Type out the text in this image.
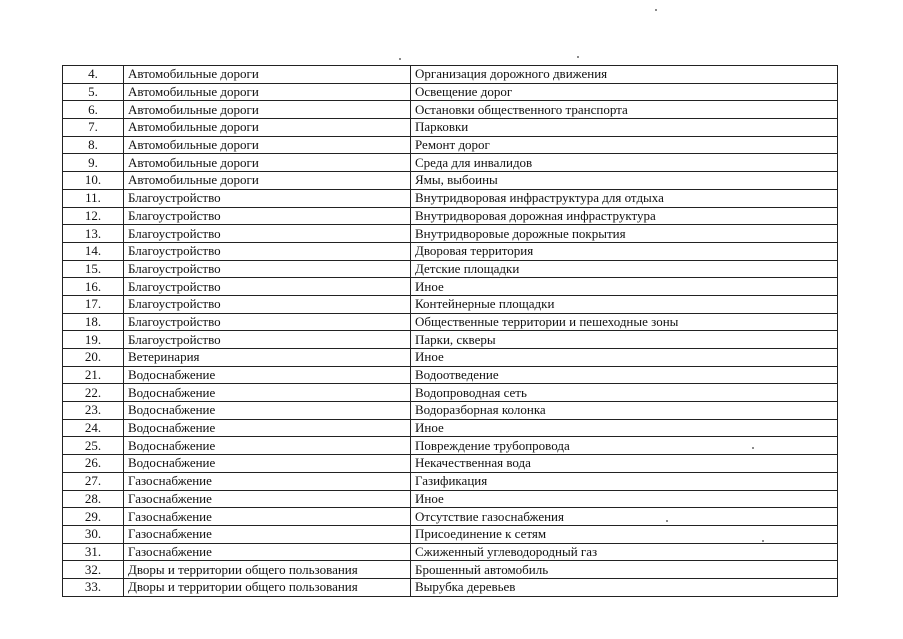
4.	Автомобильные дороги	Организация дорожного движения
5.	Автомобильные дороги	Освещение дорог
6.	Автомобильные дороги	Остановки общественного транспорта
7.	Автомобильные дороги	Парковки
8.	Автомобильные дороги	Ремонт дорог
9.	Автомобильные дороги	Среда для инвалидов
10.	Автомобильные дороги	Ямы, выбоины
11.	Благоустройство	Внутридворовая инфраструктура для отдыха
12.	Благоустройство	Внутридворовая дорожная инфраструктура
13.	Благоустройство	Внутридворовые дорожные покрытия
14.	Благоустройство	Дворовая территория
15.	Благоустройство	Детские площадки
16.	Благоустройство	Иное
17.	Благоустройство	Контейнерные площадки
18.	Благоустройство	Общественные территории и пешеходные зоны
19.	Благоустройство	Парки, скверы
20.	Ветеринария	Иное
21.	Водоснабжение	Водоотведение
22.	Водоснабжение	Водопроводная сеть
23.	Водоснабжение	Водоразборная колонка
24.	Водоснабжение	Иное
25.	Водоснабжение	Повреждение трубопровода
26.	Водоснабжение	Некачественная вода
27.	Газоснабжение	Газификация
28.	Газоснабжение	Иное
29.	Газоснабжение	Отсутствие газоснабжения
30.	Газоснабжение	Присоединение к сетям
31.	Газоснабжение	Сжиженный углеводородный газ
32.	Дворы и территории общего пользования	Брошенный автомобиль
33.	Дворы и территории общего пользования	Вырубка деревьев
